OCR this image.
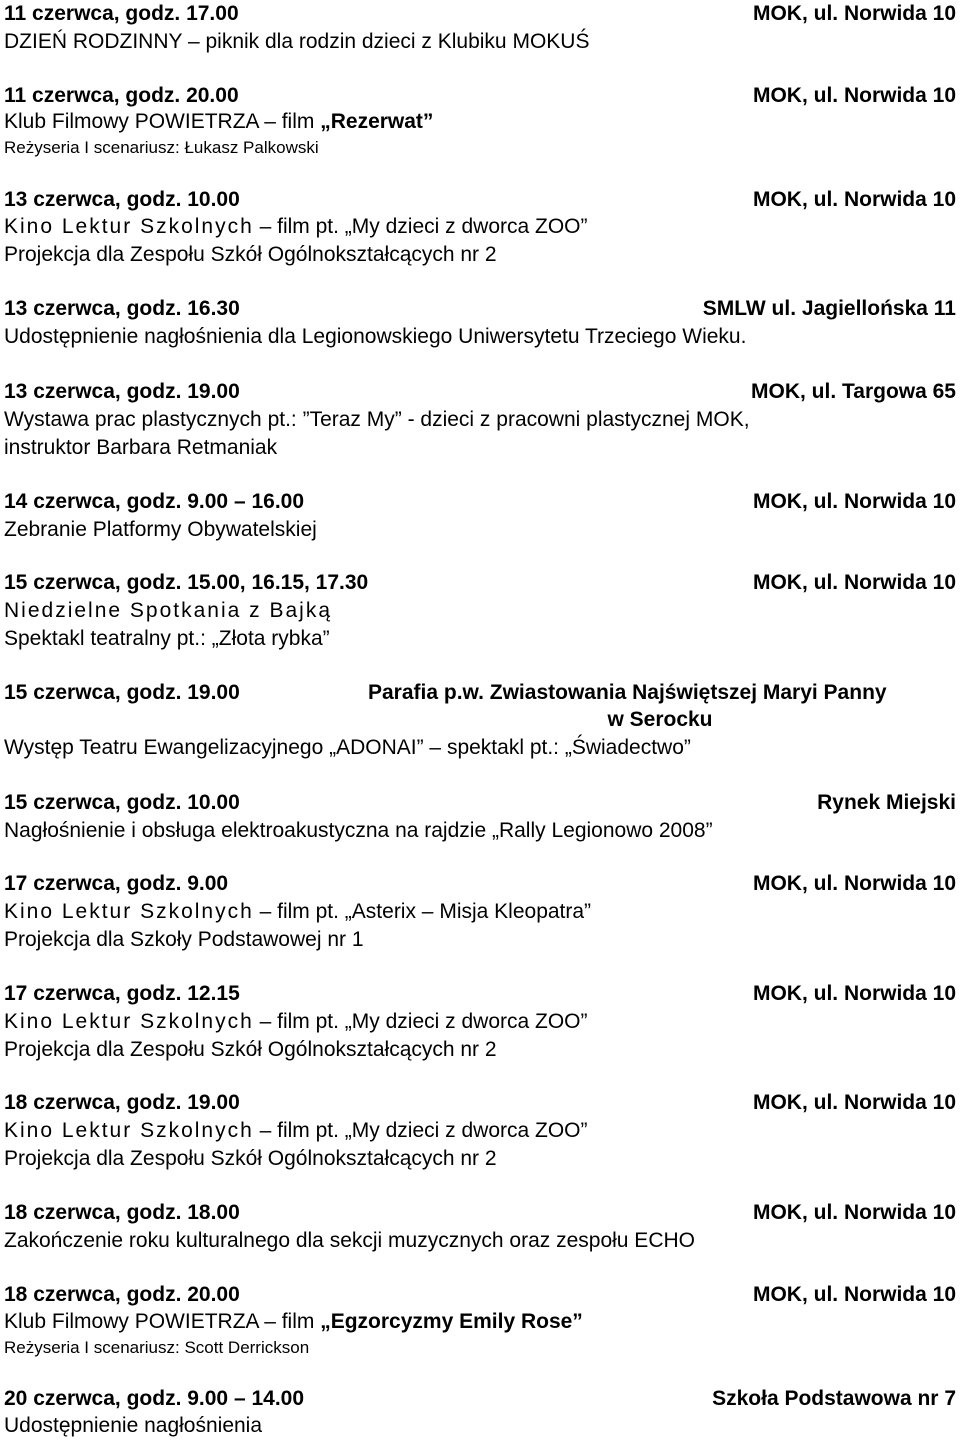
11 czerwca, godz. 17.00	MOK, ul. Norwida 10
DZIEŃ RODZINNY – piknik dla rodzin dzieci z Klubiku MOKUŚ
11 czerwca, godz. 20.00	MOK, ul. Norwida 10
Klub Filmowy POWIETRZA – film „Rezerwat”
Reżyseria I scenariusz: Łukasz Palkowski
13 czerwca, godz. 10.00	MOK, ul. Norwida 10
Kino Lektur Szkolnych – film pt. „My dzieci z dworca ZOO”
Projekcja dla Zespołu Szkół Ogólnokształcących nr 2
13 czerwca, godz. 16.30	SMLW ul. Jagiellońska 11
Udostępnienie nagłośnienia dla Legionowskiego Uniwersytetu Trzeciego Wieku.
13 czerwca, godz. 19.00	MOK, ul. Targowa 65
Wystawa prac plastycznych pt.: ”Teraz My” - dzieci z pracowni plastycznej MOK,
instruktor Barbara Retmaniak
14 czerwca, godz. 9.00 – 16.00	MOK, ul. Norwida 10
Zebranie Platformy Obywatelskiej
15 czerwca, godz. 15.00, 16.15, 17.30	MOK, ul. Norwida 10
Niedzielne Spotkania z Bajką
Spektakl teatralny pt.: „Złota rybka”
15 czerwca, godz. 19.00	Parafia p.w. Zwiastowania Najświętszej Maryi Panny
w Serocku
Występ Teatru Ewangelizacyjnego „ADONAI” – spektakl pt.: „Świadectwo”
15 czerwca, godz. 10.00	Rynek Miejski
Nagłośnienie i obsługa elektroakustyczna na rajdzie „Rally Legionowo 2008”
17 czerwca, godz. 9.00	MOK, ul. Norwida 10
Kino Lektur Szkolnych – film pt. „Asterix – Misja Kleopatra”
Projekcja dla Szkoły Podstawowej nr 1
17 czerwca, godz. 12.15	MOK, ul. Norwida 10
Kino Lektur Szkolnych – film pt. „My dzieci z dworca ZOO”
Projekcja dla Zespołu Szkół Ogólnokształcących nr 2
18 czerwca, godz. 19.00	MOK, ul. Norwida 10
Kino Lektur Szkolnych – film pt. „My dzieci z dworca ZOO”
Projekcja dla Zespołu Szkół Ogólnokształcących nr 2
18 czerwca, godz. 18.00	MOK, ul. Norwida 10
Zakończenie roku kulturalnego dla sekcji muzycznych oraz zespołu ECHO
18 czerwca, godz. 20.00	MOK, ul. Norwida 10
Klub Filmowy POWIETRZA – film „Egzorcyzmy Emily Rose”
Reżyseria I scenariusz: Scott Derrickson
20 czerwca, godz. 9.00 – 14.00	Szkoła Podstawowa nr 7
Udostępnienie nagłośnienia
